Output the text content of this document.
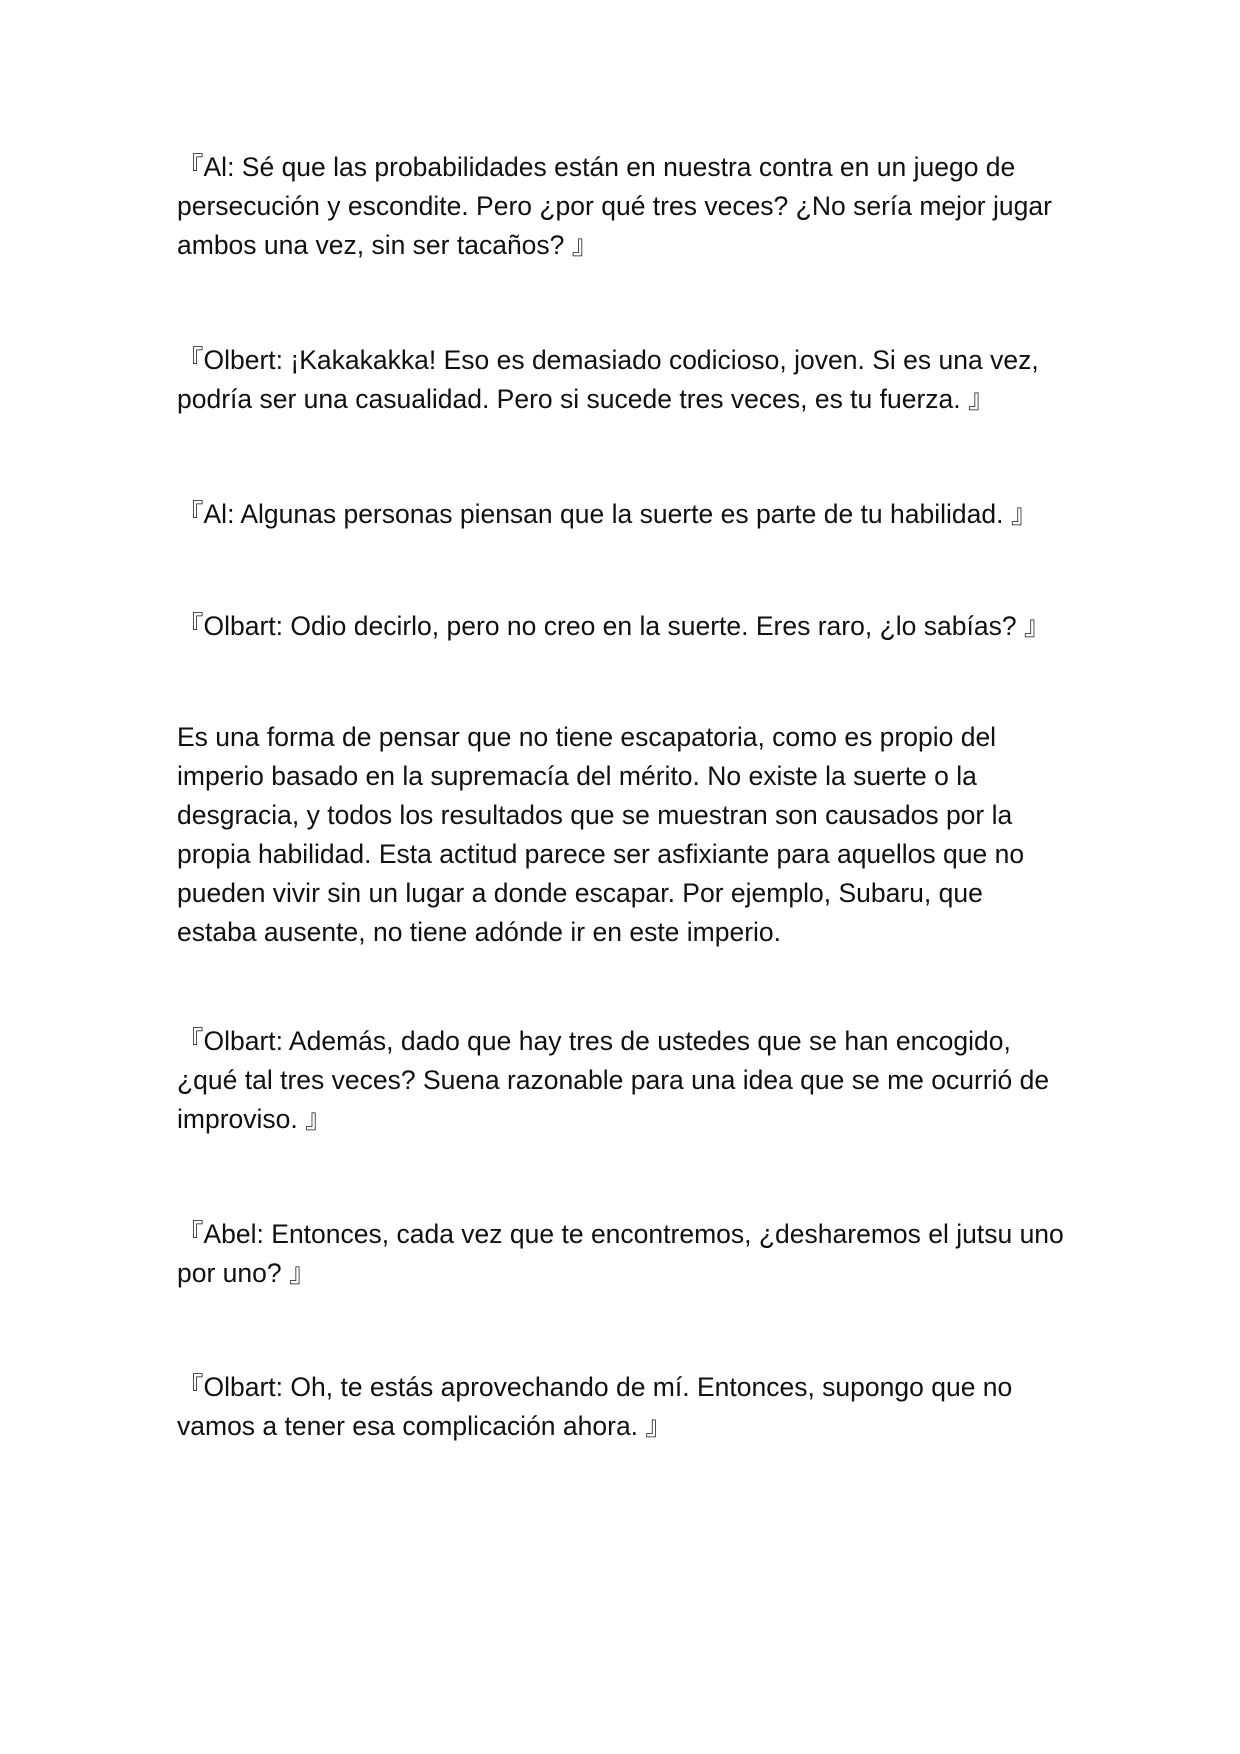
『Al: Sé que las probabilidades están en nuestra contra en un juego de
persecución y escondite. Pero ¿por qué tres veces? ¿No sería mejor jugar
ambos una vez, sin ser tacaños? 』

『Olbert: ¡Kakakakka! Eso es demasiado codicioso, joven. Si es una vez,
podría ser una casualidad. Pero si sucede tres veces, es tu fuerza. 』

『Al: Algunas personas piensan que la suerte es parte de tu habilidad. 』

『Olbart: Odio decirlo, pero no creo en la suerte. Eres raro, ¿lo sabías? 』

Es una forma de pensar que no tiene escapatoria, como es propio del
imperio basado en la supremacía del mérito. No existe la suerte o la
desgracia, y todos los resultados que se muestran son causados por la
propia habilidad. Esta actitud parece ser asfixiante para aquellos que no
pueden vivir sin un lugar a donde escapar. Por ejemplo, Subaru, que
estaba ausente, no tiene adónde ir en este imperio.

『Olbart: Además, dado que hay tres de ustedes que se han encogido,
¿qué tal tres veces? Suena razonable para una idea que se me ocurrió de
improviso. 』

『Abel: Entonces, cada vez que te encontremos, ¿desharemos el jutsu uno
por uno? 』

『Olbart: Oh, te estás aprovechando de mí. Entonces, supongo que no
vamos a tener esa complicación ahora. 』
